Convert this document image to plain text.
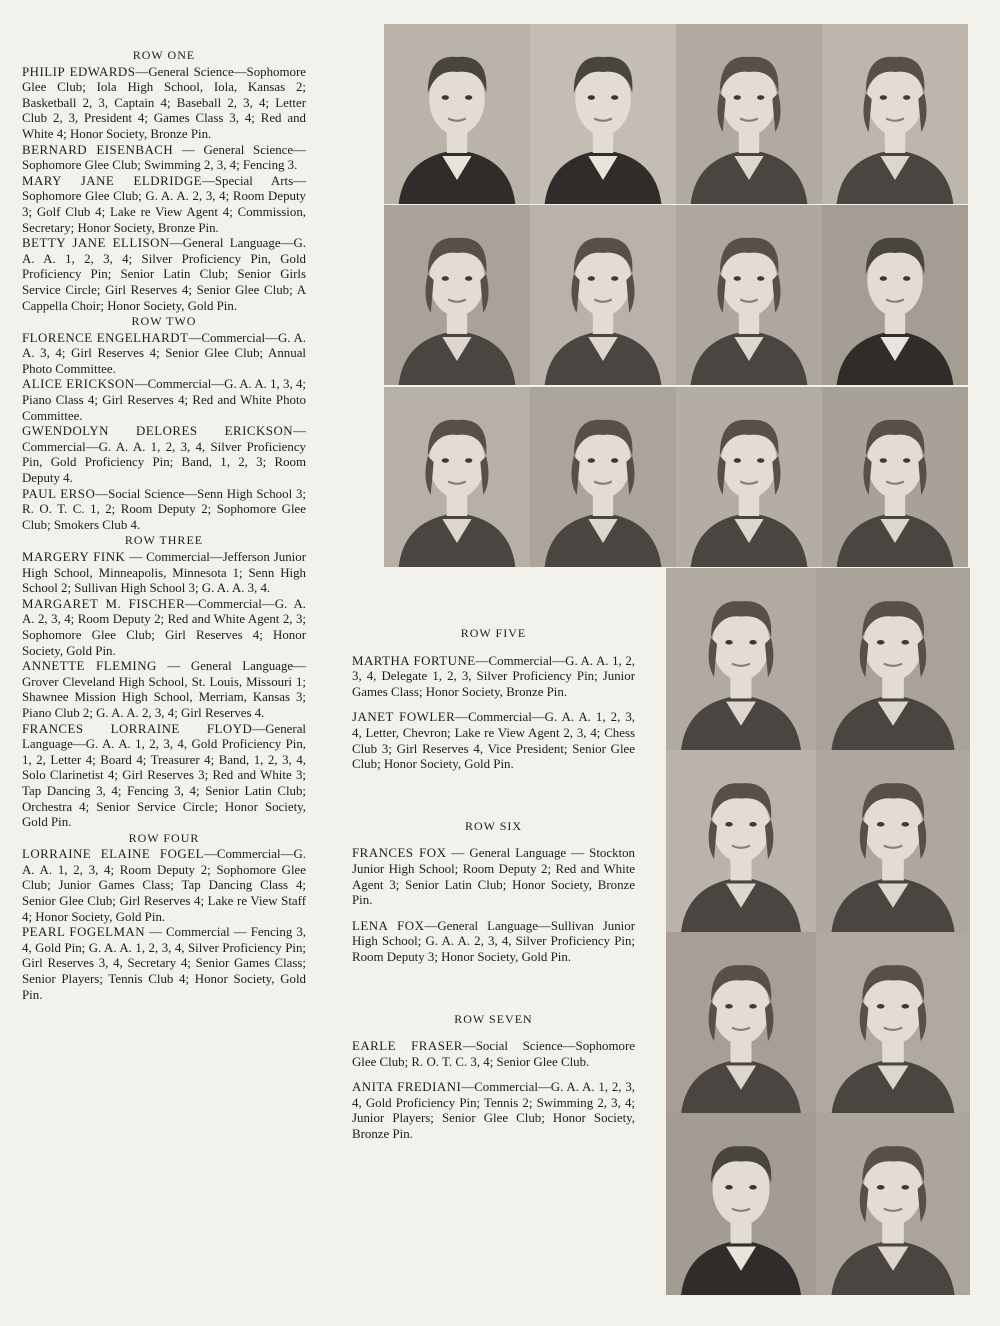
ROW ONE

PHILIP EDWARDS—General Science—Sophomore Glee Club; Iola High School, Iola, Kansas 2; Basketball 2, 3, Captain 4; Baseball 2, 3, 4; Letter Club 2, 3, President 4; Games Class 3, 4; Red and White 4; Honor Society, Bronze Pin.

BERNARD EISENBACH — General Science—Sophomore Glee Club; Swimming 2, 3, 4; Fencing 3.

MARY JANE ELDRIDGE—Special Arts—Sophomore Glee Club; G. A. A. 2, 3, 4; Room Deputy 3; Golf Club 4; Lake re View Agent 4; Commission, Secretary; Honor Society, Bronze Pin.

BETTY JANE ELLISON—General Language—G. A. A. 1, 2, 3, 4; Silver Proficiency Pin, Gold Proficiency Pin; Senior Latin Club; Senior Girls Service Circle; Girl Reserves 4; Senior Glee Club; A Cappella Choir; Honor Society, Gold Pin.

ROW TWO

FLORENCE ENGELHARDT—Commercial—G. A. A. 3, 4; Girl Reserves 4; Senior Glee Club; Annual Photo Committee.

ALICE ERICKSON—Commercial—G. A. A. 1, 3, 4; Piano Class 4; Girl Reserves 4; Red and White Photo Committee.

GWENDOLYN DELORES ERICKSON—Commercial—G. A. A. 1, 2, 3, 4, Silver Proficiency Pin, Gold Proficiency Pin; Band, 1, 2, 3; Room Deputy 4.

PAUL ERSO—Social Science—Senn High School 3; R. O. T. C. 1, 2; Room Deputy 2; Sophomore Glee Club; Smokers Club 4.

ROW THREE

MARGERY FINK — Commercial—Jefferson Junior High School, Minneapolis, Minnesota 1; Senn High School 2; Sullivan High School 3; G. A. A. 3, 4.

MARGARET M. FISCHER—Commercial—G. A. A. 2, 3, 4; Room Deputy 2; Red and White Agent 2, 3; Sophomore Glee Club; Girl Reserves 4; Honor Society, Gold Pin.

ANNETTE FLEMING — General Language—Grover Cleveland High School, St. Louis, Missouri 1; Shawnee Mission High School, Merriam, Kansas 3; Piano Club 2; G. A. A. 2, 3, 4; Girl Reserves 4.

FRANCES LORRAINE FLOYD—General Language—G. A. A. 1, 2, 3, 4, Gold Proficiency Pin, 1, 2, Letter 4; Board 4; Treasurer 4; Band, 1, 2, 3, 4, Solo Clarinetist 4; Girl Reserves 3; Red and White 3; Tap Dancing 3, 4; Fencing 3, 4; Senior Latin Club; Orchestra 4; Senior Service Circle; Honor Society, Gold Pin.

ROW FOUR

LORRAINE ELAINE FOGEL—Commercial—G. A. A. 1, 2, 3, 4; Room Deputy 2; Sophomore Glee Club; Junior Games Class; Tap Dancing Class 4; Senior Glee Club; Girl Reserves 4; Lake re View Staff 4; Honor Society, Gold Pin.

PEARL FOGELMAN — Commercial — Fencing 3, 4, Gold Pin; G. A. A. 1, 2, 3, 4, Silver Proficiency Pin; Girl Reserves 3, 4, Secretary 4; Senior Games Class; Senior Players; Tennis Club 4; Honor Society, Gold Pin.

ROW FIVE

MARTHA FORTUNE—Commercial—G. A. A. 1, 2, 3, 4, Delegate 1, 2, 3, Silver Proficiency Pin; Junior Games Class; Honor Society, Bronze Pin.

JANET FOWLER—Commercial—G. A. A. 1, 2, 3, 4, Letter, Chevron; Lake re View Agent 2, 3, 4; Chess Club 3; Girl Reserves 4, Vice President; Senior Glee Club; Honor Society, Gold Pin.

ROW SIX

FRANCES FOX — General Language — Stockton Junior High School; Room Deputy 2; Red and White Agent 3; Senior Latin Club; Honor Society, Bronze Pin.

LENA FOX—General Language—Sullivan Junior High School; G. A. A. 2, 3, 4, Silver Proficiency Pin; Room Deputy 3; Honor Society, Gold Pin.

ROW SEVEN

EARLE FRASER—Social Science—Sophomore Glee Club; R. O. T. C. 3, 4; Senior Glee Club.

ANITA FREDIANI—Commercial—G. A. A. 1, 2, 3, 4, Gold Proficiency Pin; Tennis 2; Swimming 2, 3, 4; Junior Players; Senior Glee Club; Honor Society, Bronze Pin.
